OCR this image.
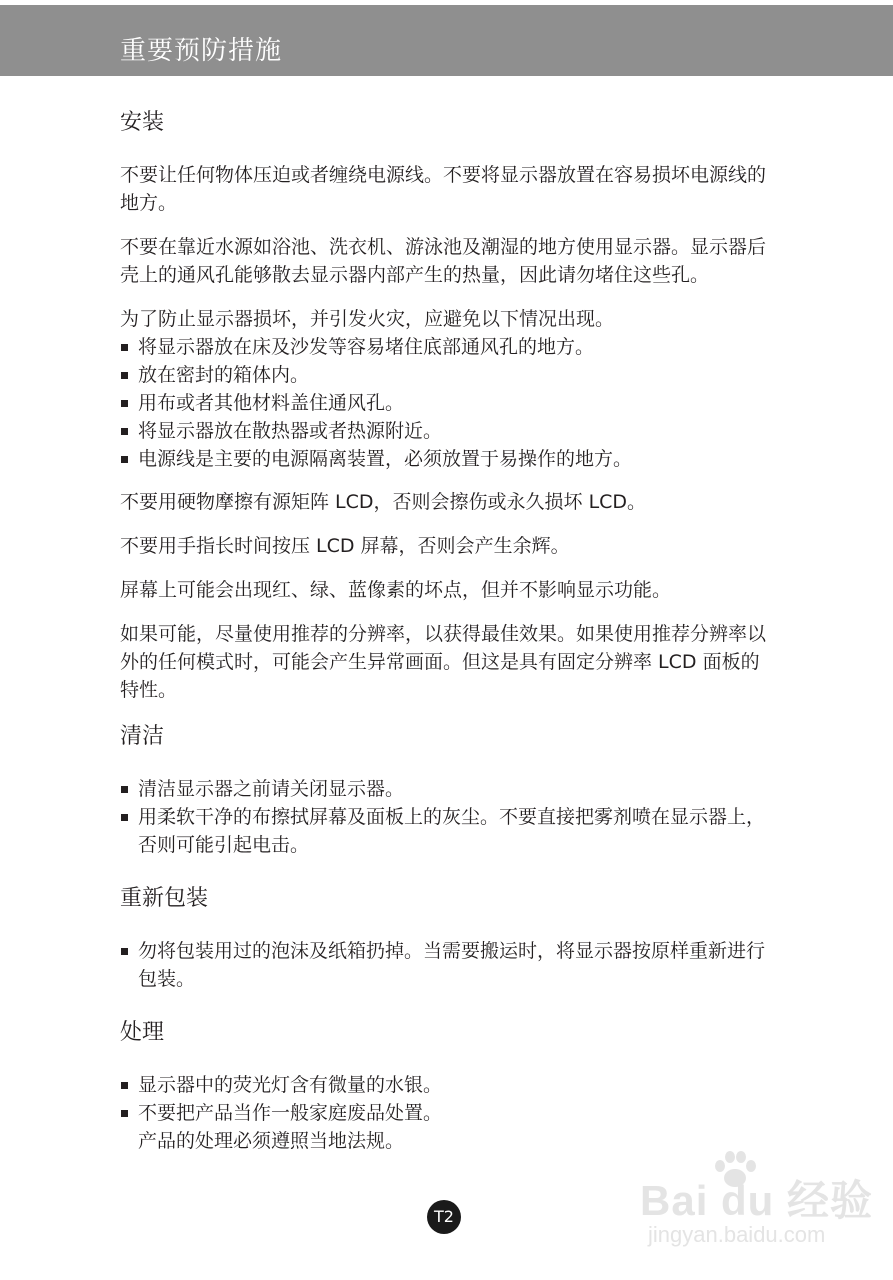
重要预防措施
安装

不要让任何物体压迫或者缠绕电源线。不要将显示器放置在容易损坏电源线的地方。

不要在靠近水源如浴池、洗衣机、游泳池及潮湿的地方使用显示器。显示器后壳上的通风孔能够散去显示器内部产生的热量，因此请勿堵住这些孔。

为了防止显示器损坏，并引发火灾，应避免以下情况出现。

将显示器放在床及沙发等容易堵住底部通风孔的地方。
放在密封的箱体内。
用布或者其他材料盖住通风孔。
将显示器放在散热器或者热源附近。
电源线是主要的电源隔离装置，必须放置于易操作的地方。

不要用硬物摩擦有源矩阵 LCD，否则会擦伤或永久损坏 LCD。

不要用手指长时间按压 LCD 屏幕，否则会产生余辉。

屏幕上可能会出现红、绿、蓝像素的坏点，但并不影响显示功能。

如果可能，尽量使用推荐的分辨率，以获得最佳效果。如果使用推荐分辨率以外的任何模式时，可能会产生异常画面。但这是具有固定分辨率 LCD 面板的特性。

清洁
清洁显示器之前请关闭显示器。
用柔软干净的布擦拭屏幕及面板上的灰尘。不要直接把雾剂喷在显示器上，否则可能引起电击。
重新包装
勿将包装用过的泡沫及纸箱扔掉。当需要搬运时，将显示器按原样重新进行包装。
处理
显示器中的荧光灯含有微量的水银。
不要把产品当作一般家庭废品处置。
产品的处理必须遵照当地法规。
Bai du 经验
jingyan.baidu.com
T2
